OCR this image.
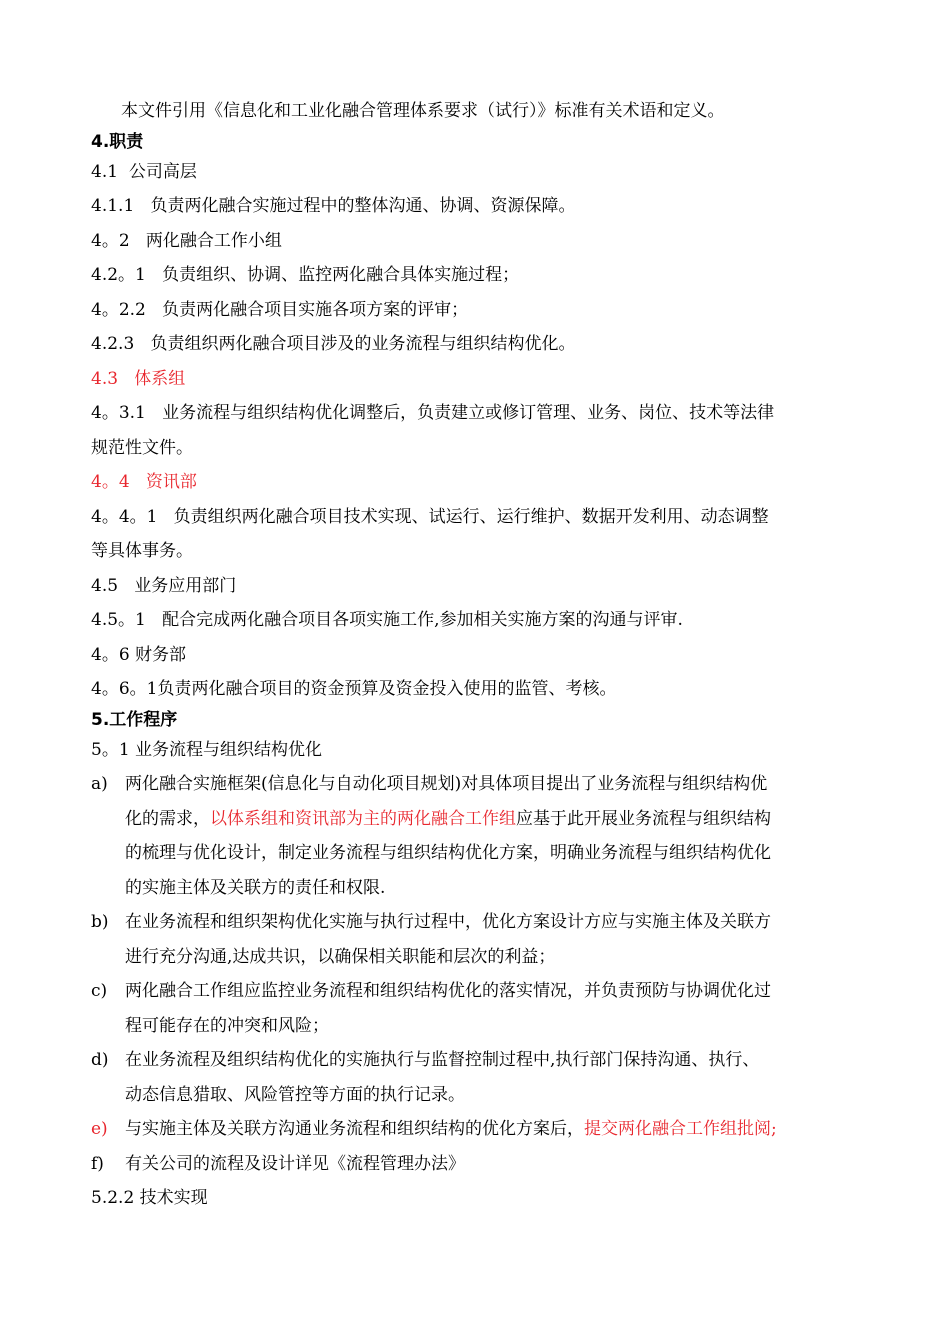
本文件引用《信息化和工业化融合管理体系要求（试行）》标准有关术语和定义。
4.职责
4.1 公司高层
4.1.1 负责两化融合实施过程中的整体沟通、协调、资源保障。
4。2 两化融合工作小组
4.2。1 负责组织、协调、监控两化融合具体实施过程；
4。2.2 负责两化融合项目实施各项方案的评审；
4.2.3 负责组织两化融合项目涉及的业务流程与组织结构优化。
4.3 体系组
4。3.1 业务流程与组织结构优化调整后，负责建立或修订管理、业务、岗位、技术等法律
规范性文件。
4。4 资讯部
4。4。1 负责组织两化融合项目技术实现、试运行、运行维护、数据开发利用、动态调整
等具体事务。
4.5 业务应用部门
4.5。1 配合完成两化融合项目各项实施工作,参加相关实施方案的沟通与评审.
4。6 财务部
4。6。1负责两化融合项目的资金预算及资金投入使用的监管、考核。
5.工作程序
5。1 业务流程与组织结构优化
a)	两化融合实施框架(信息化与自动化项目规划)对具体项目提出了业务流程与组织结构优
化的需求，以体系组和资讯部为主的两化融合工作组应基于此开展业务流程与组织结构
的梳理与优化设计，制定业务流程与组织结构优化方案，明确业务流程与组织结构优化
的实施主体及关联方的责任和权限.
b) 在业务流程和组织架构优化实施与执行过程中，优化方案设计方应与实施主体及关联方
进行充分沟通,达成共识，以确保相关职能和层次的利益；
c)	两化融合工作组应监控业务流程和组织结构优化的落实情况，并负责预防与协调优化过
程可能存在的冲突和风险；
d) 在业务流程及组织结构优化的实施执行与监督控制过程中,执行部门保持沟通、执行、
动态信息猎取、风险管控等方面的执行记录。
e)	与实施主体及关联方沟通业务流程和组织结构的优化方案后，提交两化融合工作组批阅;
f)	有关公司的流程及设计详见《流程管理办法》
5.2.2 技术实现
